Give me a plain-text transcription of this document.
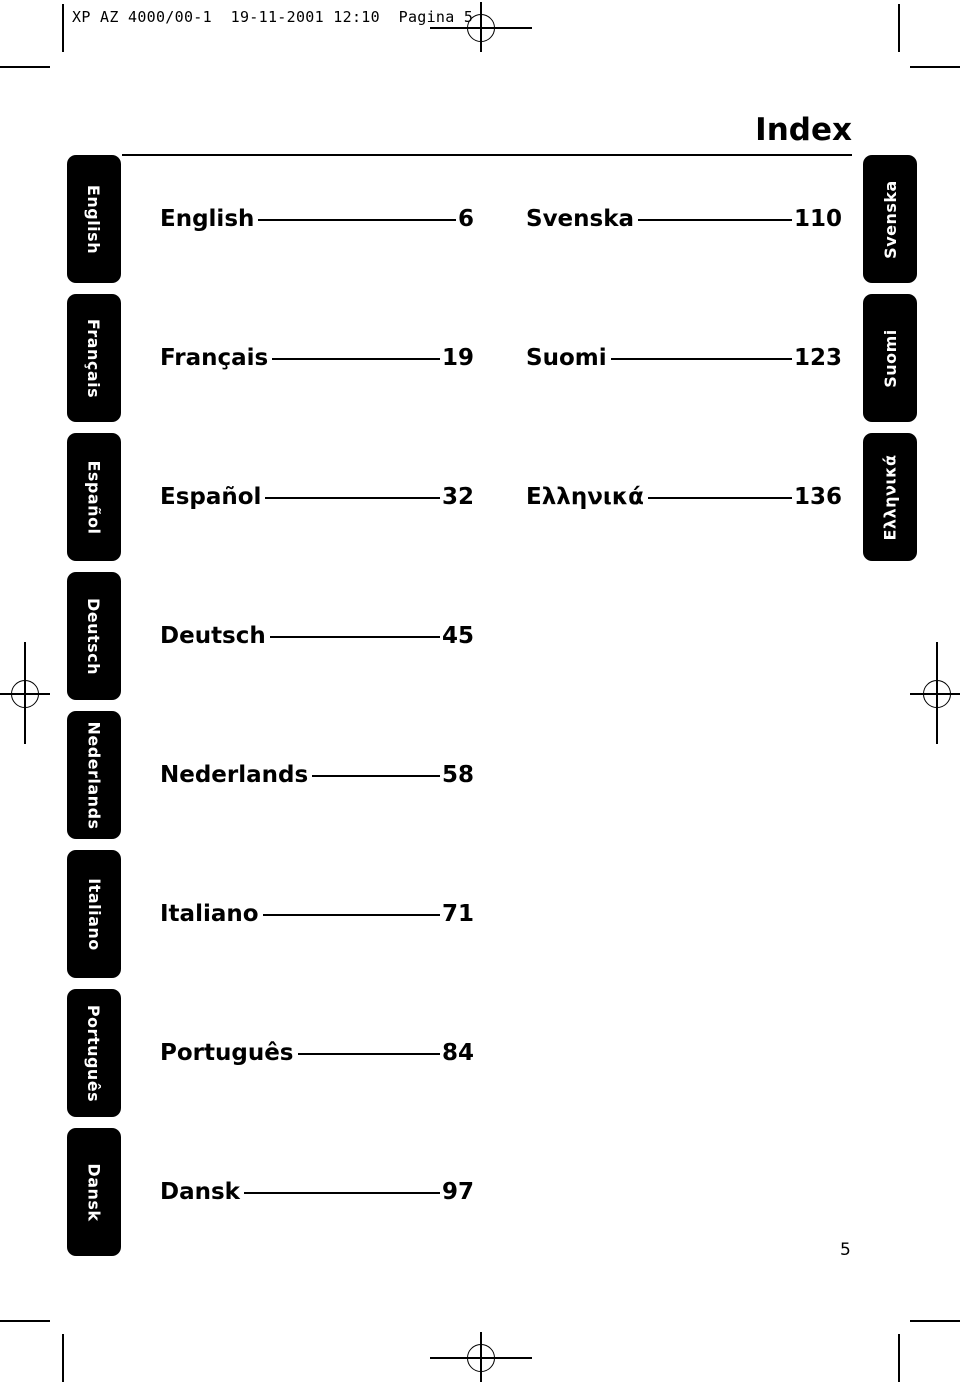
XP AZ 4000/00-1 19-11-2001 12:10 Pagina 5
Index
English
Français
Español
Deutsch
Nederlands
Italiano
Português
Dansk
Svenska
Suomi
Ελληνικά
English	6
Français	19
Español	32
Deutsch	45
Nederlands	58
Italiano	71
Português	84
Dansk	97
Svenska	110
Suomi	123
Ελληνικά	136
5
